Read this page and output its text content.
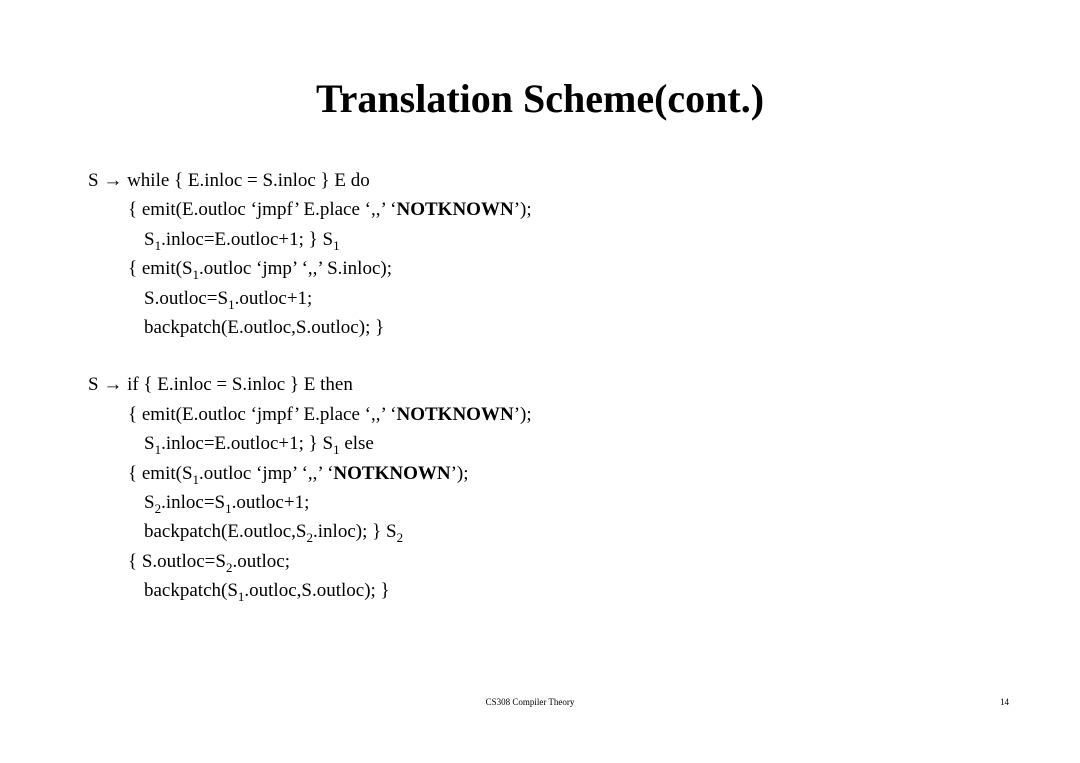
Translation Scheme(cont.)
S → while { E.inloc = S.inloc } E do
{ emit(E.outloc ‘jmpf’ E.place ‘,,’ ‘NOTKNOWN’);
$S_1.inloc=E.outloc+1$; } $S_1$
{ $emit(S_1.outloc$ ‘jmp’ ‘,,’ S.inloc);
$S.outloc=S_1.outloc+1$;
backpatch(E.outloc,S.outloc); }
S → if { E.inloc = S.inloc } E then
{ emit(E.outloc ‘jmpf’ E.place ‘,,’ ‘NOTKNOWN’);
$S_1.inloc=E.outloc+1$; } $S_1$ else
{ $emit(S_1.outloc$ ‘jmp’ ‘,,’ ‘NOTKNOWN’);
$S_2.inloc=S_1.outloc+1$;
$backpatch(E.outloc,S_2.inloc)$; } $S_2$
{ $S.outloc=S_2.outloc$;
$backpatch(S_1.outloc,S.outloc)$; }
CS308 Compiler Theory	14
